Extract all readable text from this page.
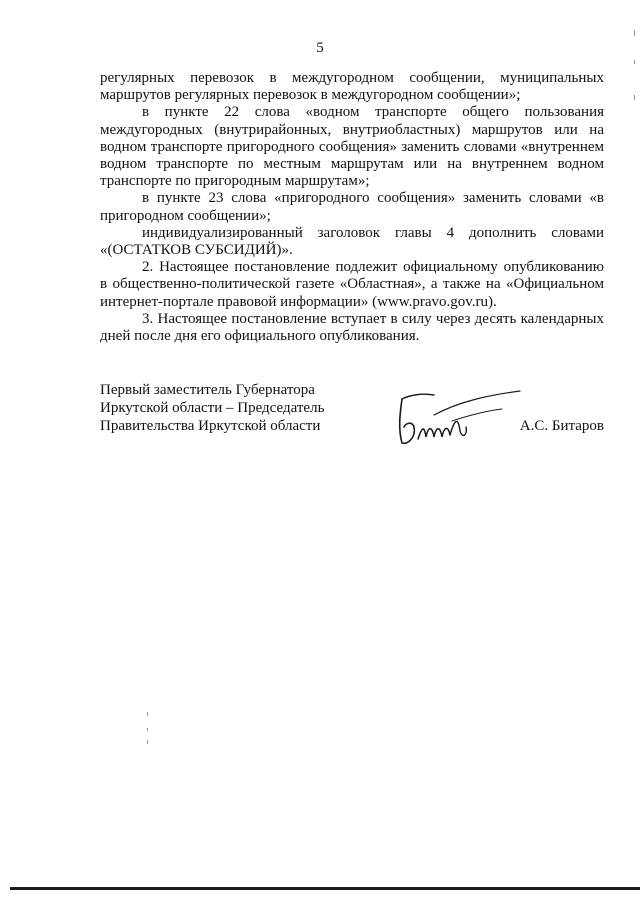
5

регулярных перевозок в междугородном сообщении, муниципальных маршрутов регулярных перевозок в междугородном сообщении»;

в пункте 22 слова «водном транспорте общего пользования междугородных (внутрирайонных, внутриобластных) маршрутов или на водном транспорте пригородного сообщения» заменить словами «внутреннем водном транспорте по местным маршрутам или на внутреннем водном транспорте по пригородным маршрутам»;

в пункте 23 слова «пригородного сообщения» заменить словами «в пригородном сообщении»;

индивидуализированный заголовок главы 4 дополнить словами «(ОСТАТКОВ СУБСИДИЙ)».

2. Настоящее постановление подлежит официальному опубликованию в общественно-политической газете «Областная», а также на «Официальном интернет-портале правовой информации» (www.pravo.gov.ru).

3. Настоящее постановление вступает в силу через десять календарных дней после дня его официального опубликования.

Первый заместитель Губернатора
Иркутской области – Председатель
Правительства Иркутской области	А.С. Битаров
